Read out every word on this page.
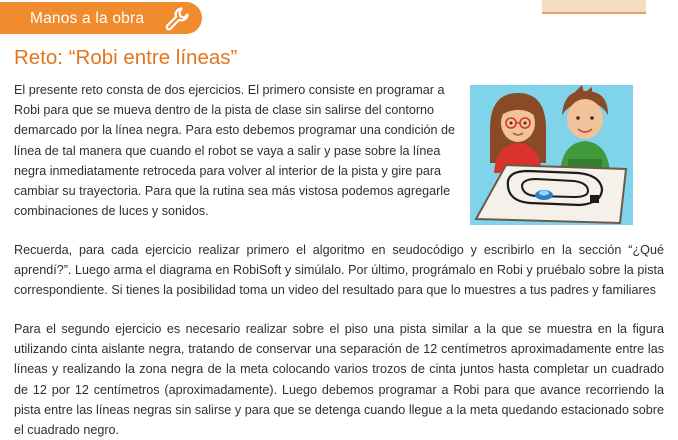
Manos a la obra
Reto: “Robi entre líneas”

El presente reto consta de dos ejercicios. El primero consiste en programar a Robi para que se mueva dentro de la pista de clase sin salirse del contorno demarcado por la línea negra. Para esto debemos programar una condición de línea de tal manera que cuando el robot se vaya a salir y pase sobre la línea negra inmediatamente retroceda para volver al interior de la pista y gire para cambiar su trayectoria. Para que la rutina sea más vistosa podemos agregarle combinaciones de luces y sonidos.

Recuerda, para cada ejercicio realizar primero el algoritmo en seudocódigo y escribirlo en la sección “¿Qué aprendí?”. Luego arma el diagrama en RobiSoft y simúlalo. Por último, prográmalo en Robi y pruébalo sobre la pista correspondiente. Si tienes la posibilidad toma un video del resultado para que lo muestres a tus padres y familiares

Para el segundo ejercicio es necesario realizar sobre el piso una pista similar a la que se muestra en la figura utilizando cinta aislante negra, tratando de conservar una separación de 12 centímetros aproximadamente entre las líneas y realizando la zona negra de la meta colocando varios trozos de cinta juntos hasta completar un cuadrado de 12 por 12 centímetros (aproximadamente). Luego debemos programar a Robi para que avance recorriendo la pista entre las líneas negras sin salirse y para que se detenga cuando llegue a la meta quedando estacionado sobre el cuadrado negro.
